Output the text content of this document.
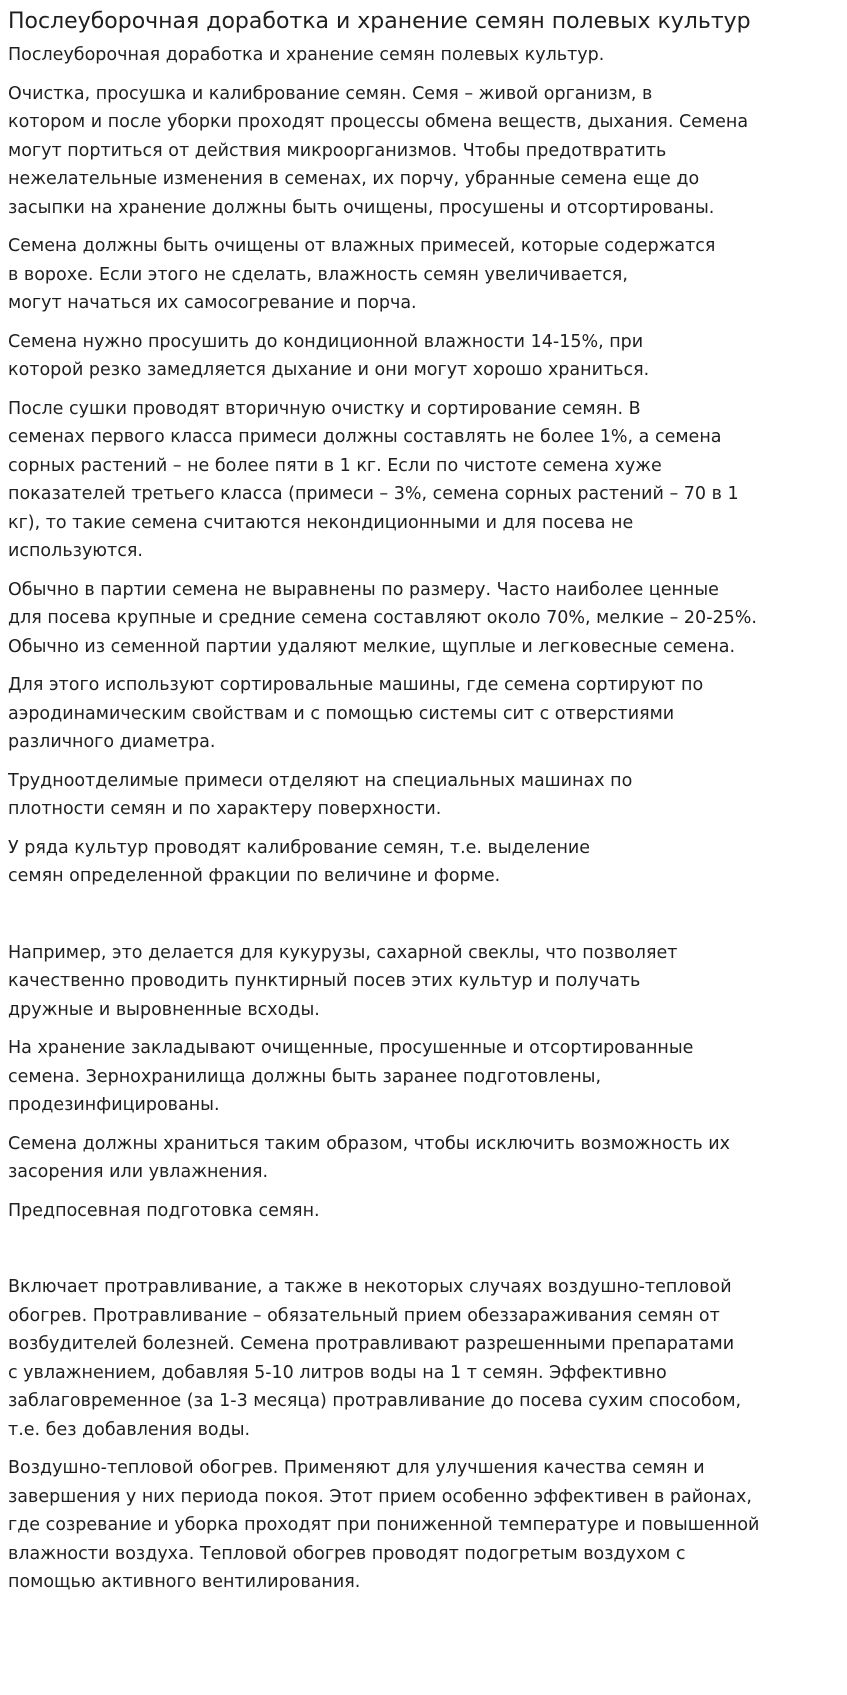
Послеуборочная доработка и хранение семян полевых культур

Послеуборочная доработка и хранение семян полевых культур.

Очистка, просушка и калибрование семян. Семя – живой организм, в
котором и после уборки проходят процессы обмена веществ, дыхания. Семена
могут портиться от действия микроорганизмов. Чтобы предотвратить
нежелательные изменения в семенах, их порчу, убранные семена еще до
засыпки на хранение должны быть очищены, просушены и отсортированы.

Семена должны быть очищены от влажных примесей, которые содержатся
в ворохе. Если этого не сделать, влажность семян увеличивается,
могут начаться их самосогревание и порча.

Семена нужно просушить до кондиционной влажности 14-15%, при
которой резко замедляется дыхание и они могут хорошо храниться.

После сушки проводят вторичную очистку и сортирование семян. В
семенах первого класса примеси должны составлять не более 1%, а семена
сорных растений – не более пяти в 1 кг. Если по чистоте семена хуже
показателей третьего класса (примеси – 3%, семена сорных растений – 70 в 1
кг), то такие семена считаются некондиционными и для посева не
используются.

Обычно в партии семена не выравнены по размеру. Часто наиболее ценные
для посева крупные и средние семена составляют около 70%, мелкие – 20-25%.
Обычно из семенной партии удаляют мелкие, щуплые и легковесные семена.

Для этого используют сортировальные машины, где семена сортируют по
аэродинамическим свойствам и с помощью системы сит с отверстиями
различного диаметра.

Трудноотделимые примеси отделяют на специальных машинах по
плотности семян и по характеру поверхности.

У ряда культур проводят калибрование семян, т.е. выделение
семян определенной фракции по величине и форме.

Например, это делается для кукурузы, сахарной свеклы, что позволяет
качественно проводить пунктирный посев этих культур и получать
дружные и выровненные всходы.

На хранение закладывают очищенные, просушенные и отсортированные
семена. Зернохранилища должны быть заранее подготовлены,
продезинфицированы.

Семена должны храниться таким образом, чтобы исключить возможность их
засорения или увлажнения.

Предпосевная подготовка семян.

Включает протравливание, а также в некоторых случаях воздушно-тепловой
обогрев. Протравливание – обязательный прием обеззараживания семян от
возбудителей болезней. Семена протравливают разрешенными препаратами
с увлажнением, добавляя 5-10 литров воды на 1 т семян. Эффективно
заблаговременное (за 1-3 месяца) протравливание до посева сухим способом,
т.е. без добавления воды.

Воздушно-тепловой обогрев. Применяют для улучшения качества семян и
завершения у них периода покоя. Этот прием особенно эффективен в районах,
где созревание и уборка проходят при пониженной температуре и повышенной
влажности воздуха. Тепловой обогрев проводят подогретым воздухом с
помощью активного вентилирования.
